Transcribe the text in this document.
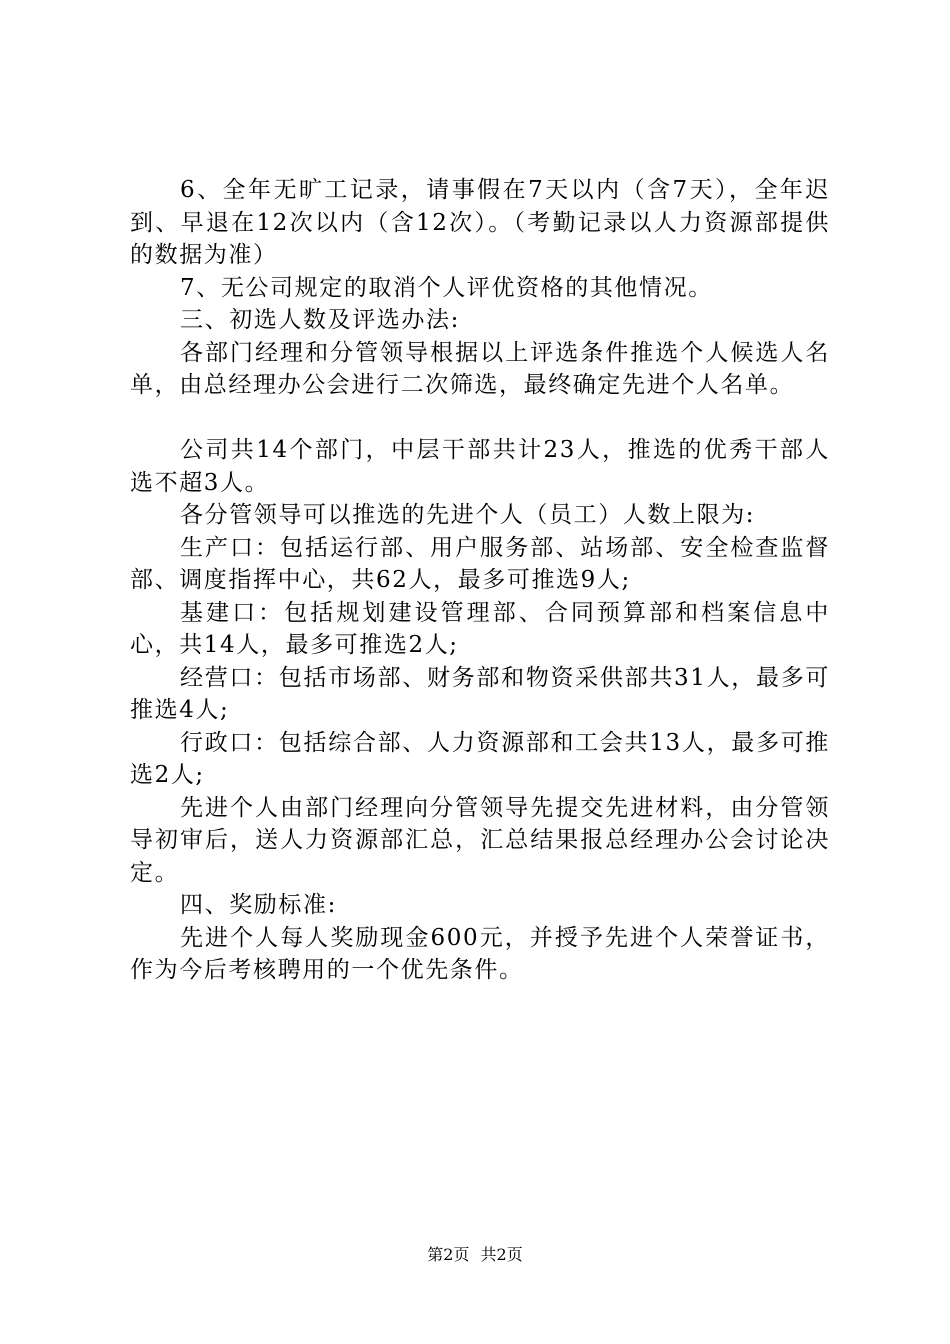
6、全年无旷工记录，请事假在7天以内（含7天），全年迟到、早退在12次以内（含12次）。（考勤记录以人力资源部提供的数据为准）

7、无公司规定的取消个人评优资格的其他情况。

三、初选人数及评选办法:

各部门经理和分管领导根据以上评选条件推选个人候选人名单，由总经理办公会进行二次筛选，最终确定先进个人名单。

公司共14个部门，中层干部共计23人，推选的优秀干部人选不超3人。

各分管领导可以推选的先进个人（员工）人数上限为:

生产口：包括运行部、用户服务部、站场部、安全检查监督部、调度指挥中心，共62人，最多可推选9人;

基建口：包括规划建设管理部、合同预算部和档案信息中心，共14人，最多可推选2人;

经营口：包括市场部、财务部和物资采供部共31人，最多可推选4人;

行政口：包括综合部、人力资源部和工会共13人，最多可推选2人;

先进个人由部门经理向分管领导先提交先进材料，由分管领导初审后，送人力资源部汇总，汇总结果报总经理办公会讨论决定。

四、奖励标准:

先进个人每人奖励现金600元，并授予先进个人荣誉证书，作为今后考核聘用的一个优先条件。

第2页 共2页
